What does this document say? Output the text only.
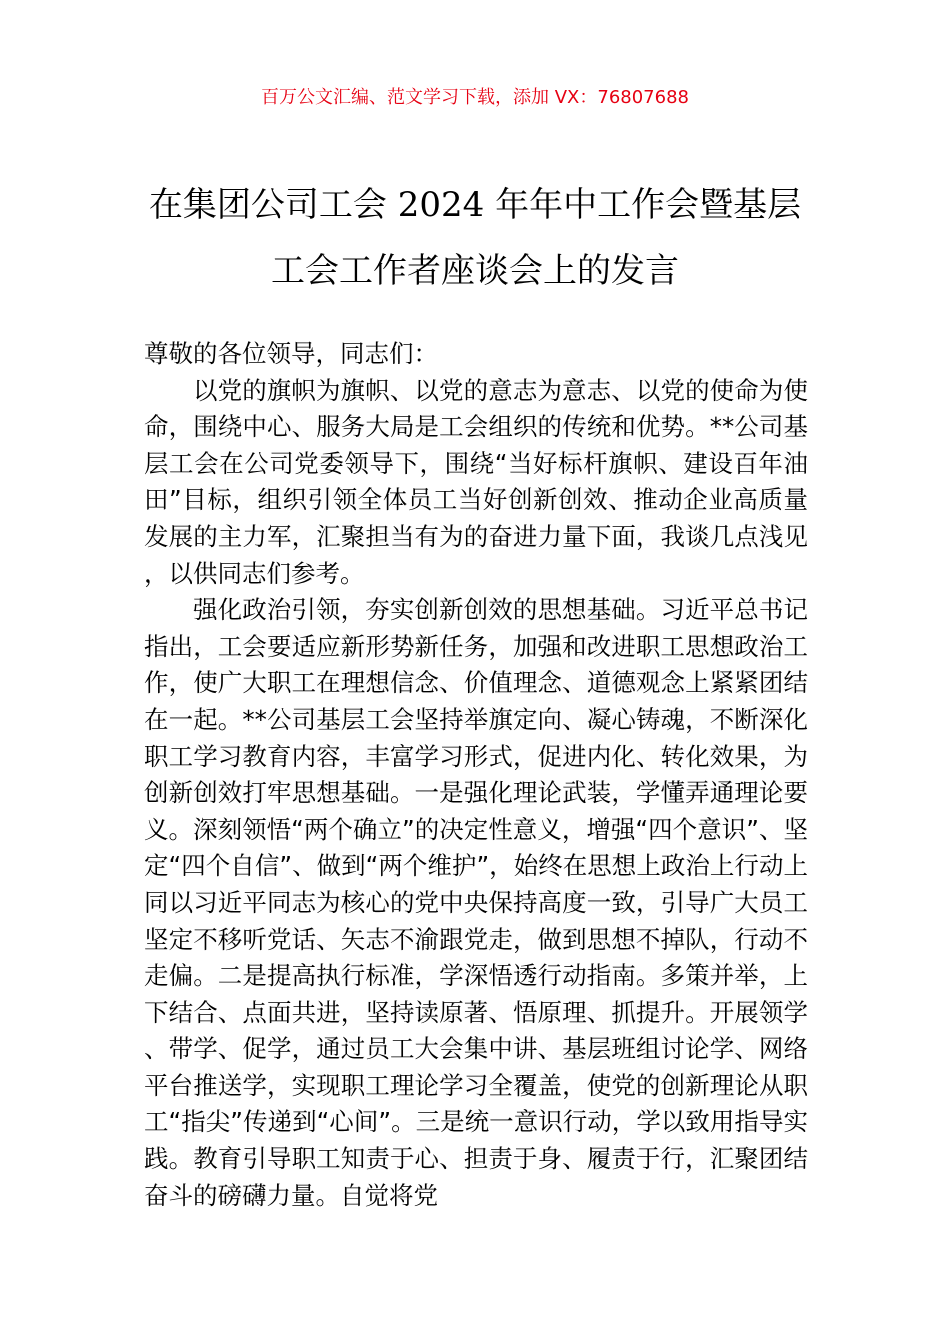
百万公文汇编、范文学习下载，添加 VX：76807688
在集团公司工会 2024 年年中工作会暨基层
工会工作者座谈会上的发言

尊敬的各位领导，同志们：

以党的旗帜为旗帜、以党的意志为意志、以党的使命为使命，围绕中心、服务大局是工会组织的传统和优势。**公司基层工会在公司党委领导下，围绕“当好标杆旗帜、建设百年油田”目标，组织引领全体员工当好创新创效、推动企业高质量发展的主力军，汇聚担当有为的奋进力量下面，我谈几点浅见，以供同志们参考。

强化政治引领，夯实创新创效的思想基础。习近平总书记指出，工会要适应新形势新任务，加强和改进职工思想政治工作，使广大职工在理想信念、价值理念、道德观念上紧紧团结在一起。**公司基层工会坚持举旗定向、凝心铸魂，不断深化职工学习教育内容，丰富学习形式，促进内化、转化效果，为创新创效打牢思想基础。一是强化理论武装，学懂弄通理论要义。深刻领悟“两个确立”的决定性意义，增强“四个意识”、坚定“四个自信”、做到“两个维护”，始终在思想上政治上行动上同以习近平同志为核心的党中央保持高度一致，引导广大员工坚定不移听党话、矢志不渝跟党走，做到思想不掉队，行动不走偏。二是提高执行标准，学深悟透行动指南。多策并举，上下结合、点面共进，坚持读原著、悟原理、抓提升。开展领学、带学、促学，通过员工大会集中讲、基层班组讨论学、网络平台推送学，实现职工理论学习全覆盖，使党的创新理论从职工“指尖”传递到“心间”。三是统一意识行动，学以致用指导实践。教育引导职工知责于心、担责于身、履责于行，汇聚团结奋斗的磅礴力量。自觉将党
